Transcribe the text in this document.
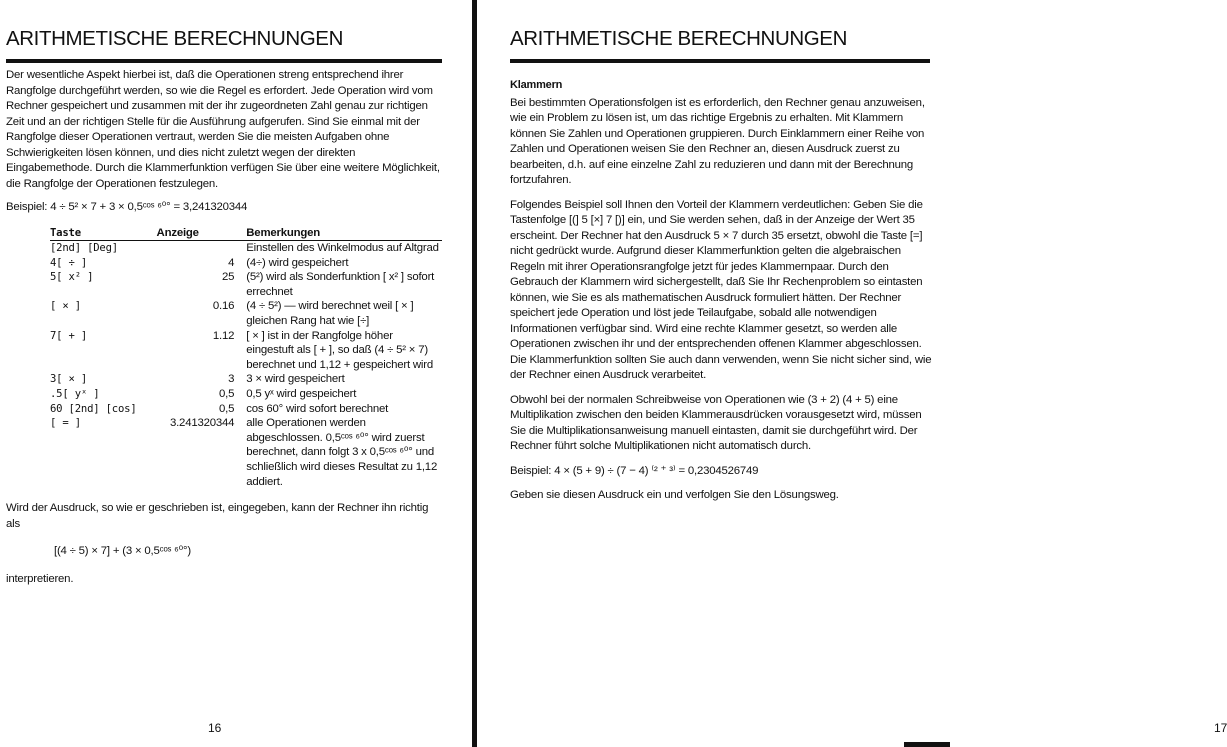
ARITHMETISCHE BERECHNUNGEN

Der wesentliche Aspekt hierbei ist, daß die Operationen streng entsprechend ihrer Rangfolge durchgeführt werden, so wie die Regel es erfordert. Jede Operation wird vom Rechner gespeichert und zusammen mit der ihr zugeordneten Zahl genau zur richtigen Zeit und an der richtigen Stelle für die Ausführung aufgerufen. Sind Sie einmal mit der Rangfolge dieser Operationen vertraut, werden Sie die meisten Aufgaben ohne Schwierigkeiten lösen können, und dies nicht zuletzt wegen der direkten Eingabemethode. Durch die Klammerfunktion verfügen Sie über eine weitere Möglichkeit, die Rangfolge der Operationen festzulegen.

Beispiel: 4 ÷ 5² × 7 + 3 × 0,5ᶜᵒˢ ⁶⁰° = 3,241320344

Taste	Anzeige	Bemerkungen
[2nd] [Deg]		Einstellen des Winkelmodus auf Altgrad
4[ ÷ ]	4	(4÷) wird gespeichert
5[ x² ]	25	(5²) wird als Sonderfunktion [ x² ] sofort errechnet
[ × ]	0.16	(4 ÷ 5²) — wird berechnet weil [ × ] gleichen Rang hat wie [÷]
7[ + ]	1.12	[ × ] ist in der Rangfolge höher eingestuft als [ + ], so daß (4 ÷ 5² × 7) berechnet und 1,12 + gespeichert wird
3[ × ]	3	3 × wird gespeichert
.5[ yˣ ]	0,5	0,5 yˣ wird gespeichert
60 [2nd] [cos]	0,5	cos 60° wird sofort berechnet
[ = ]	3.241320344	alle Operationen werden abgeschlossen. 0,5ᶜᵒˢ ⁶⁰° wird zuerst berechnet, dann folgt 3 x 0,5ᶜᵒˢ ⁶⁰° und schließlich wird dieses Resultat zu 1,12 addiert.

Wird der Ausdruck, so wie er geschrieben ist, eingegeben, kann der Rechner ihn richtig als

[(4 ÷ 5) × 7] + (3 × 0,5ᶜᵒˢ ⁶⁰°)

interpretieren.

16
ARITHMETISCHE BERECHNUNGEN

Klammern

Bei bestimmten Operationsfolgen ist es erforderlich, den Rechner genau anzuweisen, wie ein Problem zu lösen ist, um das richtige Ergebnis zu erhalten. Mit Klammern können Sie Zahlen und Operationen gruppieren. Durch Einklammern einer Reihe von Zahlen und Operationen weisen Sie den Rechner an, diesen Ausdruck zuerst zu bearbeiten, d.h. auf eine einzelne Zahl zu reduzieren und dann mit der Berechnung fortzufahren.

Folgendes Beispiel soll Ihnen den Vorteil der Klammern verdeutlichen: Geben Sie die Tastenfolge [(] 5 [×] 7 [)] ein, und Sie werden sehen, daß in der Anzeige der Wert 35 erscheint. Der Rechner hat den Ausdruck 5 × 7 durch 35 ersetzt, obwohl die Taste [=] nicht gedrückt wurde. Aufgrund dieser Klammerfunktion gelten die algebraischen Regeln mit ihrer Operationsrangfolge jetzt für jedes Klammernpaar. Durch den Gebrauch der Klammern wird sichergestellt, daß Sie Ihr Rechenproblem so eintasten können, wie Sie es als mathematischen Ausdruck formuliert hätten. Der Rechner speichert jede Operation und löst jede Teilaufgabe, sobald alle notwendigen Informationen verfügbar sind. Wird eine rechte Klammer gesetzt, so werden alle Operationen zwischen ihr und der entsprechenden offenen Klammer abgeschlossen. Die Klammerfunktion sollten Sie auch dann verwenden, wenn Sie nicht sicher sind, wie der Rechner einen Ausdruck verarbeitet.

Obwohl bei der normalen Schreibweise von Operationen wie (3 + 2) (4 + 5) eine Multiplikation zwischen den beiden Klammerausdrücken vorausgesetzt wird, müssen Sie die Multiplikationsanweisung manuell eintasten, damit sie durchgeführt wird. Der Rechner führt solche Multiplikationen nicht automatisch durch.

Beispiel: 4 × (5 + 9) ÷ (7 − 4) ⁽² ⁺ ³⁾ = 0,2304526749

Geben sie diesen Ausdruck ein und verfolgen Sie den Lösungsweg.

17
